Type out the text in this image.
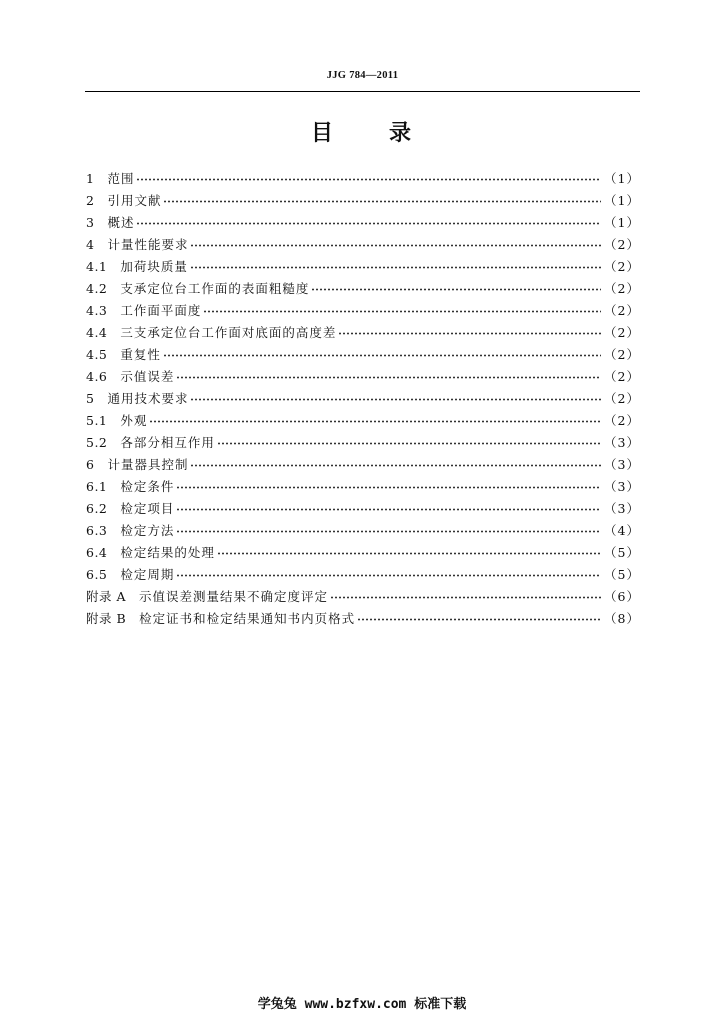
JJG 784—2011
目	录
1 范围	（1）
2 引用文献	（1）
3 概述	（1）
4 计量性能要求	（2）
4.1 加荷块质量	（2）
4.2 支承定位台工作面的表面粗糙度	（2）
4.3 工作面平面度	（2）
4.4 三支承定位台工作面对底面的高度差	（2）
4.5 重复性	（2）
4.6 示值误差	（2）
5 通用技术要求	（2）
5.1 外观	（2）
5.2 各部分相互作用	（3）
6 计量器具控制	（3）
6.1 检定条件	（3）
6.2 检定项目	（3）
6.3 检定方法	（4）
6.4 检定结果的处理	（5）
6.5 检定周期	（5）
附录 A 示值误差测量结果不确定度评定	（6）
附录 B 检定证书和检定结果通知书内页格式	（8）
学兔兔 www.bzfxw.com 标准下载
